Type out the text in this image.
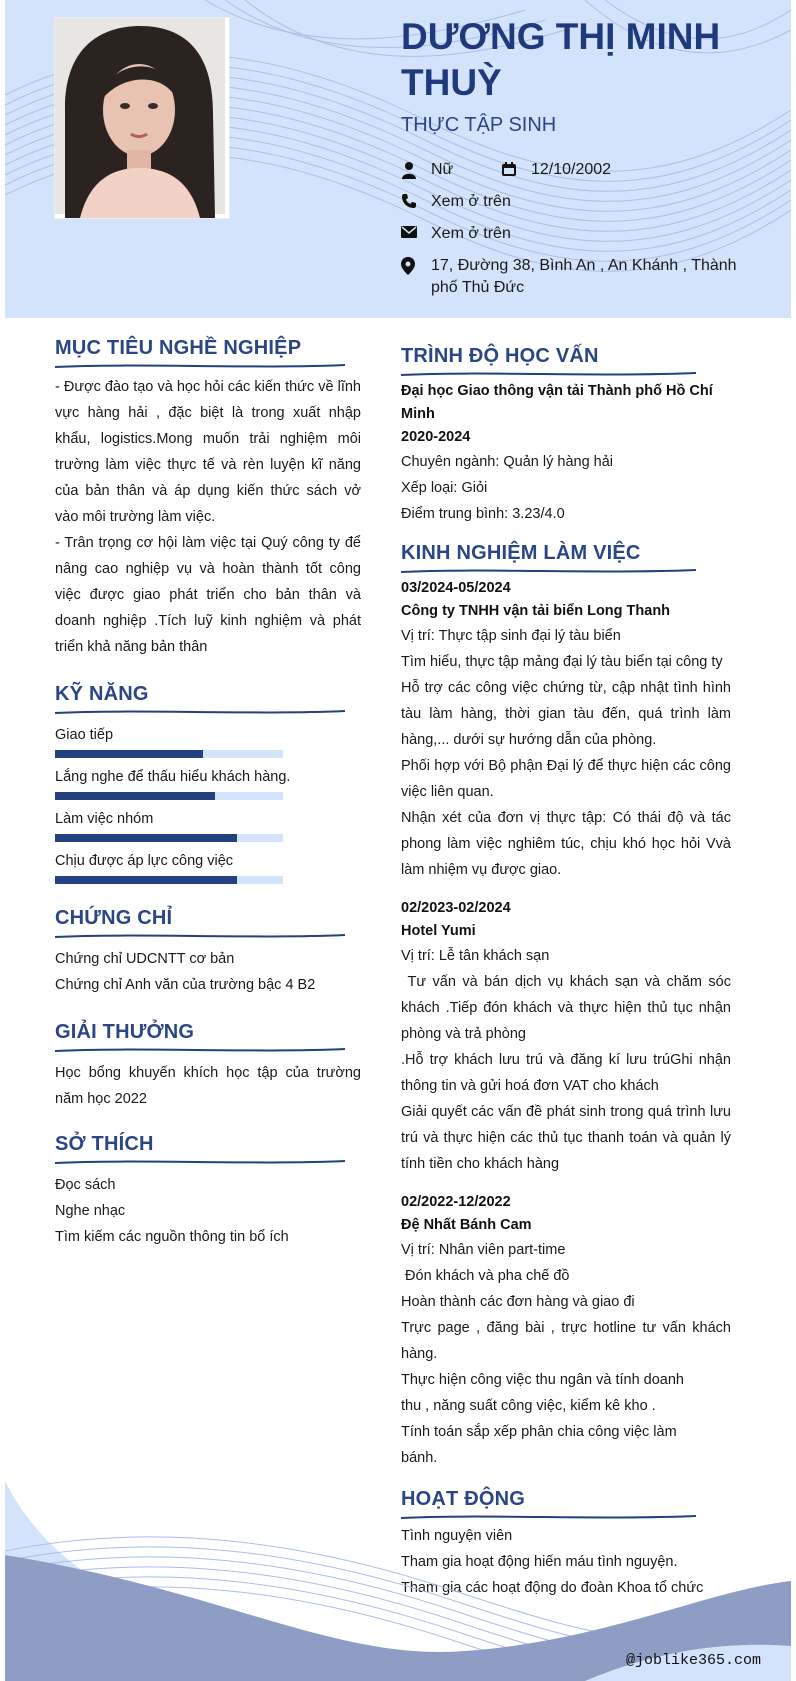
DƯƠNG THỊ MINH THUỲ
THỰC TẬP SINH
Nữ	12/10/2002
Xem ở trên
Xem ở trên
17, Đường 38, Bình An , An Khánh , Thành phố Thủ Đức
MỤC TIÊU NGHỀ NGHIỆP
- Được đào tạo và học hỏi các kiến thức về lĩnh vực hàng hải , đặc biệt là trong xuất nhập khẩu, logistics.Mong muốn trải nghiệm môi trường làm việc thực tế và rèn luyện kĩ năng của bản thân và áp dụng kiến thức sách vở vào môi trường làm việc.
- Trân trọng cơ hội làm việc tại Quý công ty để nâng cao nghiệp vụ và hoàn thành tốt công việc được giao phát triển cho bản thân và doanh nghiệp .Tích luỹ kinh nghiệm và phát triển khả năng bản thân
KỸ NĂNG
Giao tiếp
Lắng nghe để thấu hiểu khách hàng.
Làm việc nhóm
Chịu được áp lực công việc
CHỨNG CHỈ
Chứng chỉ UDCNTT cơ bản
Chứng chỉ Anh văn của trường bậc 4 B2
GIẢI THƯỞNG
Học bổng khuyến khích học tập của trường năm học 2022
SỞ THÍCH
Đọc sách
Nghe nhạc
Tìm kiếm các nguồn thông tin bổ ích
TRÌNH ĐỘ HỌC VẤN
Đại học Giao thông vận tải Thành phố Hồ Chí Minh
2020-2024
Chuyên ngành: Quản lý hàng hải
Xếp loại: Giỏi
Điểm trung bình: 3.23/4.0
KINH NGHIỆM LÀM VIỆC
03/2024-05/2024
Công ty TNHH vận tải biển Long Thanh
Vị trí: Thực tập sinh đại lý tàu biển
Tìm hiểu, thực tập mảng đại lý tàu biển tại công ty
Hỗ trợ các công việc chứng từ, cập nhật tình hình tàu làm hàng, thời gian tàu đến, quá trình làm hàng,... dưới sự hướng dẫn của phòng.
Phối hợp với Bộ phận Đại lý để thực hiện các công việc liên quan.
Nhận xét của đơn vị thực tập: Có thái độ và tác phong làm việc nghiêm túc, chịu khó học hỏi Vvà làm nhiệm vụ được giao.
02/2023-02/2024
Hotel Yumi
Vị trí: Lễ tân khách sạn
Tư vấn và bán dịch vụ khách sạn và chăm sóc khách .Tiếp đón khách và thực hiện thủ tục nhận phòng và trả phòng
.Hỗ trợ khách lưu trú và đăng kí lưu trúGhi nhận thông tin và gửi hoá đơn VAT cho khách
Giải quyết các vấn đề phát sinh trong quá trình lưu trú và thực hiện các thủ tục thanh toán và quản lý tính tiền cho khách hàng
02/2022-12/2022
Đệ Nhất Bánh Cam
Vị trí: Nhân viên part-time
Đón khách và pha chế đồ
Hoàn thành các đơn hàng và giao đi
Trực page , đăng bài , trực hotline tư vấn khách hàng.
Thực hiện công việc thu ngân và tính doanh
thu , năng suất công việc, kiểm kê kho .
Tính toán sắp xếp phân chia công việc làm
bánh.
HOẠT ĐỘNG
Tình nguyện viên
Tham gia hoạt động hiến máu tình nguyện.
Tham gia các hoạt động do đoàn Khoa tổ chức
@joblike365.com
